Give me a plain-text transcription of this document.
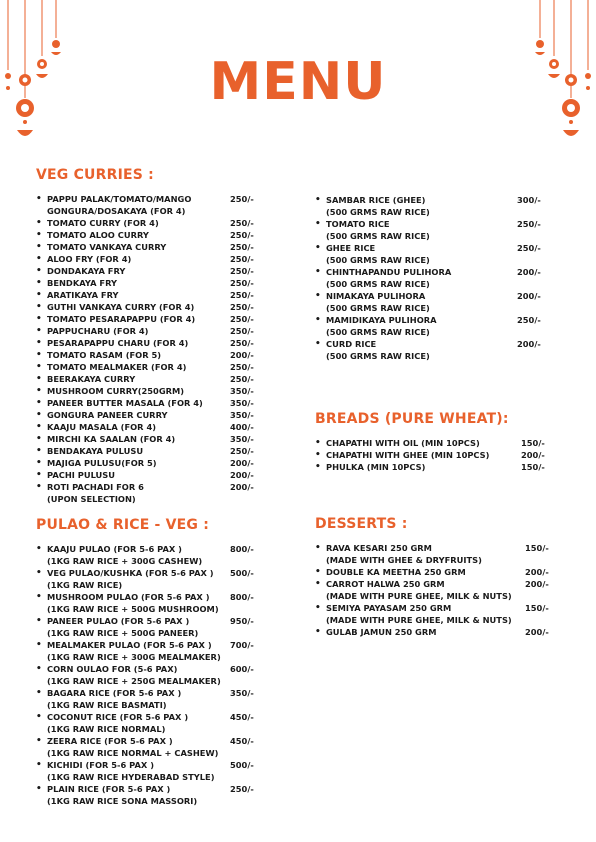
MENU
VEG CURRIES :
• PAPPU PALAK/TOMATO/MANGO
GONGURA/DOSAKAYA (FOR 4)
250/-
• TOMATO CURRY (FOR 4)	250/-
• TOMATO ALOO CURRY	250/-
• TOMATO VANKAYA CURRY	250/-
• ALOO FRY (FOR 4)	250/-
• DONDAKAYA FRY	250/-
• BENDKAYA FRY	250/-
• ARATIKAYA FRY	250/-
• GUTHI VANKAYA CURRY (FOR 4)	250/-
• TOMATO PESARAPAPPU (FOR 4)	250/-
• PAPPUCHARU (FOR 4)	250/-
• PESARAPAPPU CHARU (FOR 4)	250/-
• TOMATO RASAM (FOR 5)	200/-
• TOMATO MEALMAKER (FOR 4)	250/-
• BEERAKAYA CURRY	250/-
• MUSHROOM CURRY(250GRM)	350/-
• PANEER BUTTER MASALA (FOR 4)	350/-
• GONGURA PANEER CURRY	350/-
• KAAJU MASALA (FOR 4)	400/-
• MIRCHI KA SAALAN (FOR 4)	350/-
• BENDAKAYA PULUSU	250/-
• MAJIGA PULUSU(FOR 5)	200/-
• PACHI PULUSU	200/-
• ROTI PACHADI FOR 6
(UPON SELECTION)
200/-
PULAO & RICE - VEG :
• KAAJU PULAO (FOR 5-6 PAX )
(1KG RAW RICE + 300G CASHEW)
800/-
• VEG PULAO/KUSHKA (FOR 5-6 PAX )
(1KG RAW RICE)
500/-
• MUSHROOM PULAO (FOR 5-6 PAX )
(1KG RAW RICE + 500G MUSHROOM)
800/-
• PANEER PULAO (FOR 5-6 PAX )
(1KG RAW RICE + 500G PANEER)
950/-
• MEALMAKER PULAO (FOR 5-6 PAX )
(1KG RAW RICE + 300G MEALMAKER)
700/-
• CORN OULAO FOR (5-6 PAX)
(1KG RAW RICE + 250G MEALMAKER)
600/-
• BAGARA RICE (FOR 5-6 PAX )
(1KG RAW RICE BASMATI)
350/-
• COCONUT RICE (FOR 5-6 PAX )
(1KG RAW RICE NORMAL)
450/-
• ZEERA RICE (FOR 5-6 PAX )
(1KG RAW RICE NORMAL + CASHEW)
450/-
• KICHIDI (FOR 5-6 PAX )
(1KG RAW RICE HYDERABAD STYLE)
500/-
• PLAIN RICE (FOR 5-6 PAX )
(1KG RAW RICE SONA MASSORI)
250/-
• SAMBAR RICE (GHEE)
(500 GRMS RAW RICE)
300/-
• TOMATO RICE
(500 GRMS RAW RICE)
250/-
• GHEE RICE
(500 GRMS RAW RICE)
250/-
• CHINTHAPANDU PULIHORA
(500 GRMS RAW RICE)
200/-
• NIMAKAYA PULIHORA
(500 GRMS RAW RICE)
200/-
• MAMIDIKAYA PULIHORA
(500 GRMS RAW RICE)
250/-
• CURD RICE
(500 GRMS RAW RICE)
200/-
BREADS (PURE WHEAT):
• CHAPATHI WITH OIL (MIN 10PCS)	150/-
• CHAPATHI WITH GHEE (MIN 10PCS)	200/-
• PHULKA (MIN 10PCS)	150/-
DESSERTS :
• RAVA KESARI 250 GRM
(MADE WITH GHEE & DRYFRUITS)
150/-
• DOUBLE KA MEETHA 250 GRM	200/-
• CARROT HALWA 250 GRM
(MADE WITH PURE GHEE, MILK & NUTS)
200/-
• SEMIYA PAYASAM 250 GRM
(MADE WITH PURE GHEE, MILK & NUTS)
150/-
• GULAB JAMUN 250 GRM	200/-
